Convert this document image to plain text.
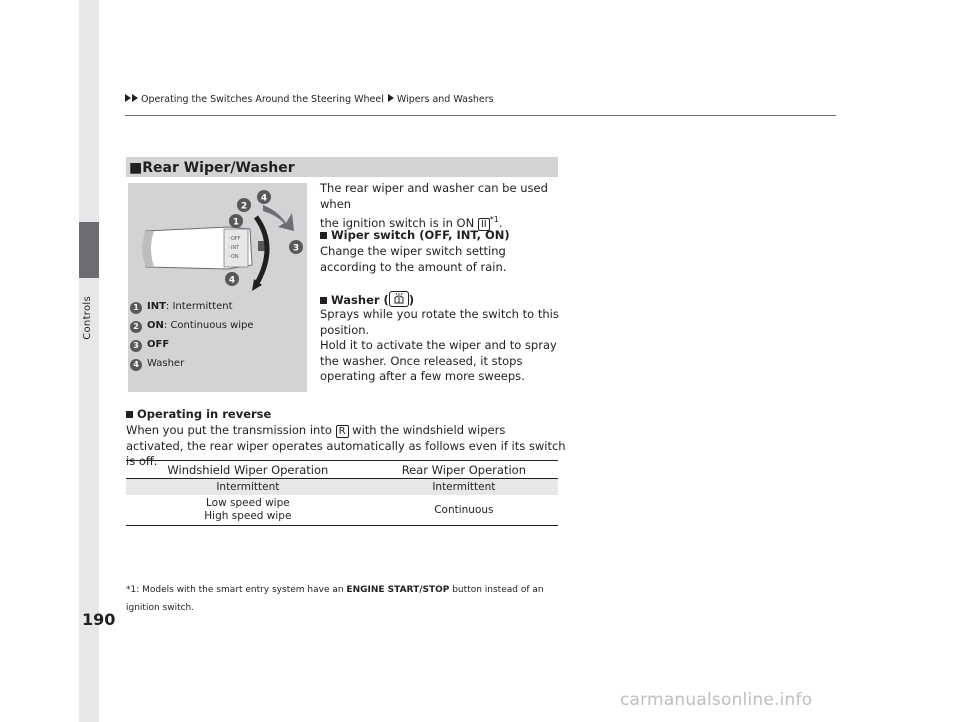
Controls
190
Operating the Switches Around the Steering Wheel Wipers and Washers
■Rear Wiper/Washer
◦OFF
◦INT
◦ON
1
2
3
4
4
1 INT: Intermittent
2 ON: Continuous wipe
3 OFF
4 Washer
The rear wiper and washer can be used when
the ignition switch is in ON II $^{*1}$.
Wiper switch (OFF, INT, ON)
Change the wiper switch setting according to the amount of rain.
Washer ( )
Sprays while you rotate the switch to this position.
Hold it to activate the wiper and to spray the washer. Once released, it stops operating after a few more sweeps.
Operating in reverse
When you put the transmission into R with the windshield wipers activated, the rear wiper operates automatically as follows even if its switch is off.
Windshield Wiper Operation	Rear Wiper Operation
Intermittent	Intermittent

Low speed wipe
High speed wipe	Continuous
*1: Models with the smart entry system have an ENGINE START/STOP button instead of an ignition switch.
carmanualsonline.info
